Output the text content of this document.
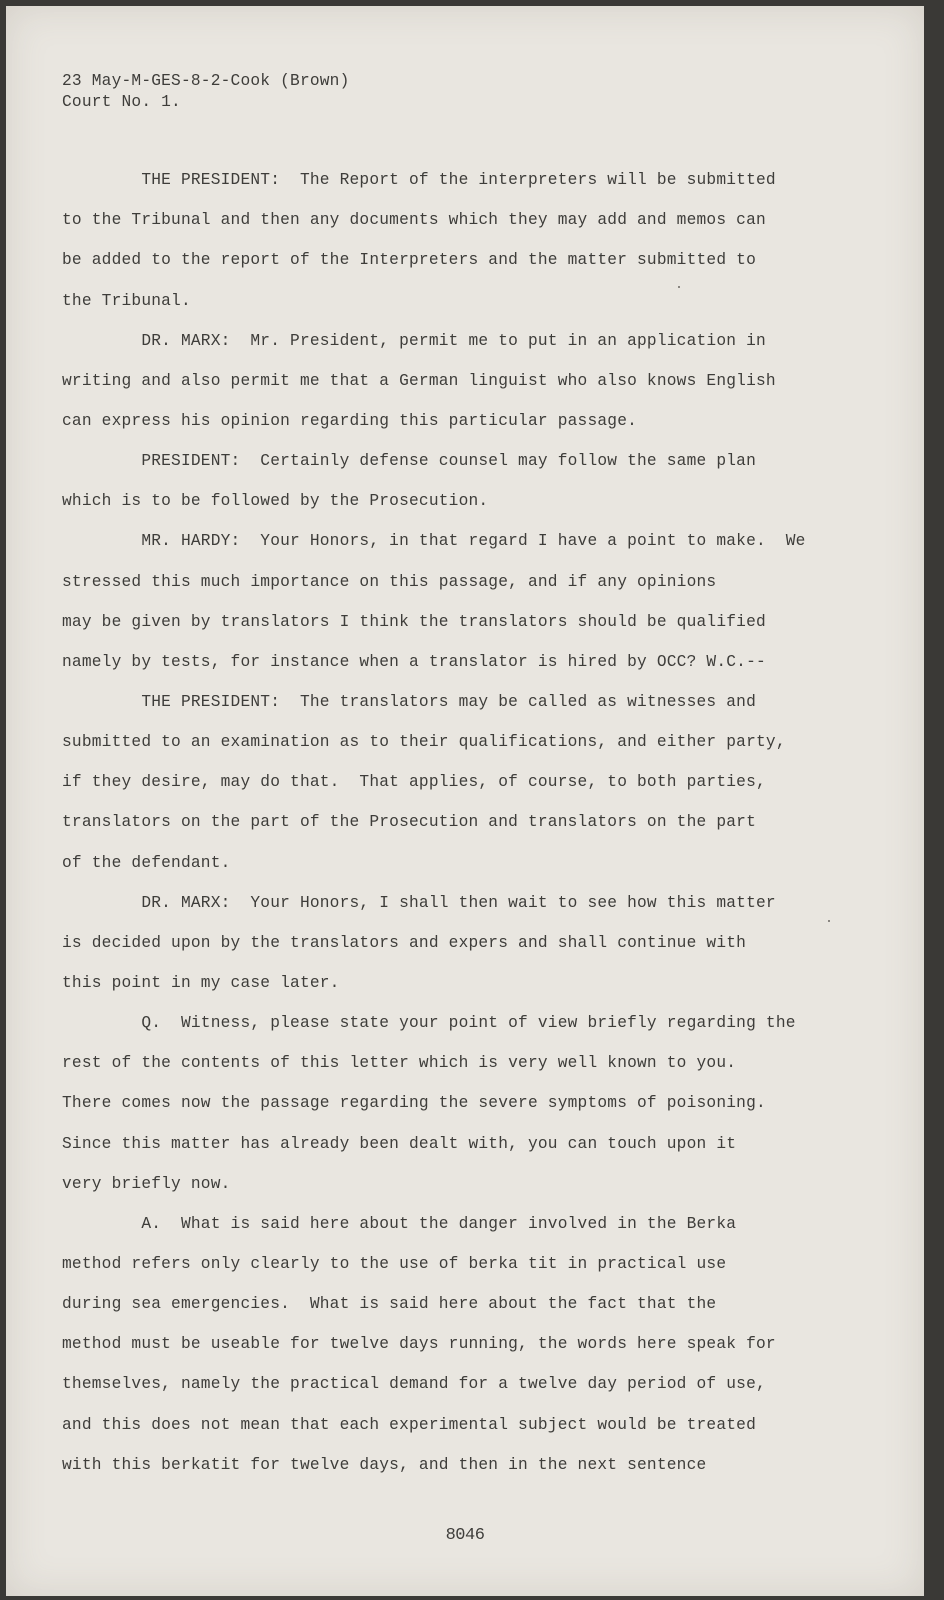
23 May-M-GES-8-2-Cook (Brown)
Court No. 1.
THE PRESIDENT:  The Report of the interpreters will be submitted
to the Tribunal and then any documents which they may add and memos can
be added to the report of the Interpreters and the matter submitted to
the Tribunal.
DR. MARX:  Mr. President, permit me to put in an application in
writing and also permit me that a German linguist who also knows English
can express his opinion regarding this particular passage.
PRESIDENT:  Certainly defense counsel may follow the same plan
which is to be followed by the Prosecution.
MR. HARDY:  Your Honors, in that regard I have a point to make.  We
stressed this much importance on this passage, and if any opinions
may be given by translators I think the translators should be qualified
namely by tests, for instance when a translator is hired by OCC? W.C.--
THE PRESIDENT:  The translators may be called as witnesses and
submitted to an examination as to their qualifications, and either party,
if they desire, may do that.  That applies, of course, to both parties,
translators on the part of the Prosecution and translators on the part
of the defendant.
DR. MARX:  Your Honors, I shall then wait to see how this matter
is decided upon by the translators and expers and shall continue with
this point in my case later.
Q.  Witness, please state your point of view briefly regarding the
rest of the contents of this letter which is very well known to you.
There comes now the passage regarding the severe symptoms of poisoning.
Since this matter has already been dealt with, you can touch upon it
very briefly now.
A.  What is said here about the danger involved in the Berka
method refers only clearly to the use of berka tit in practical use
during sea emergencies.  What is said here about the fact that the
method must be useable for twelve days running, the words here speak for
themselves, namely the practical demand for a twelve day period of use,
and this does not mean that each experimental subject would be treated
with this berkatit for twelve days, and then in the next sentence
8046
